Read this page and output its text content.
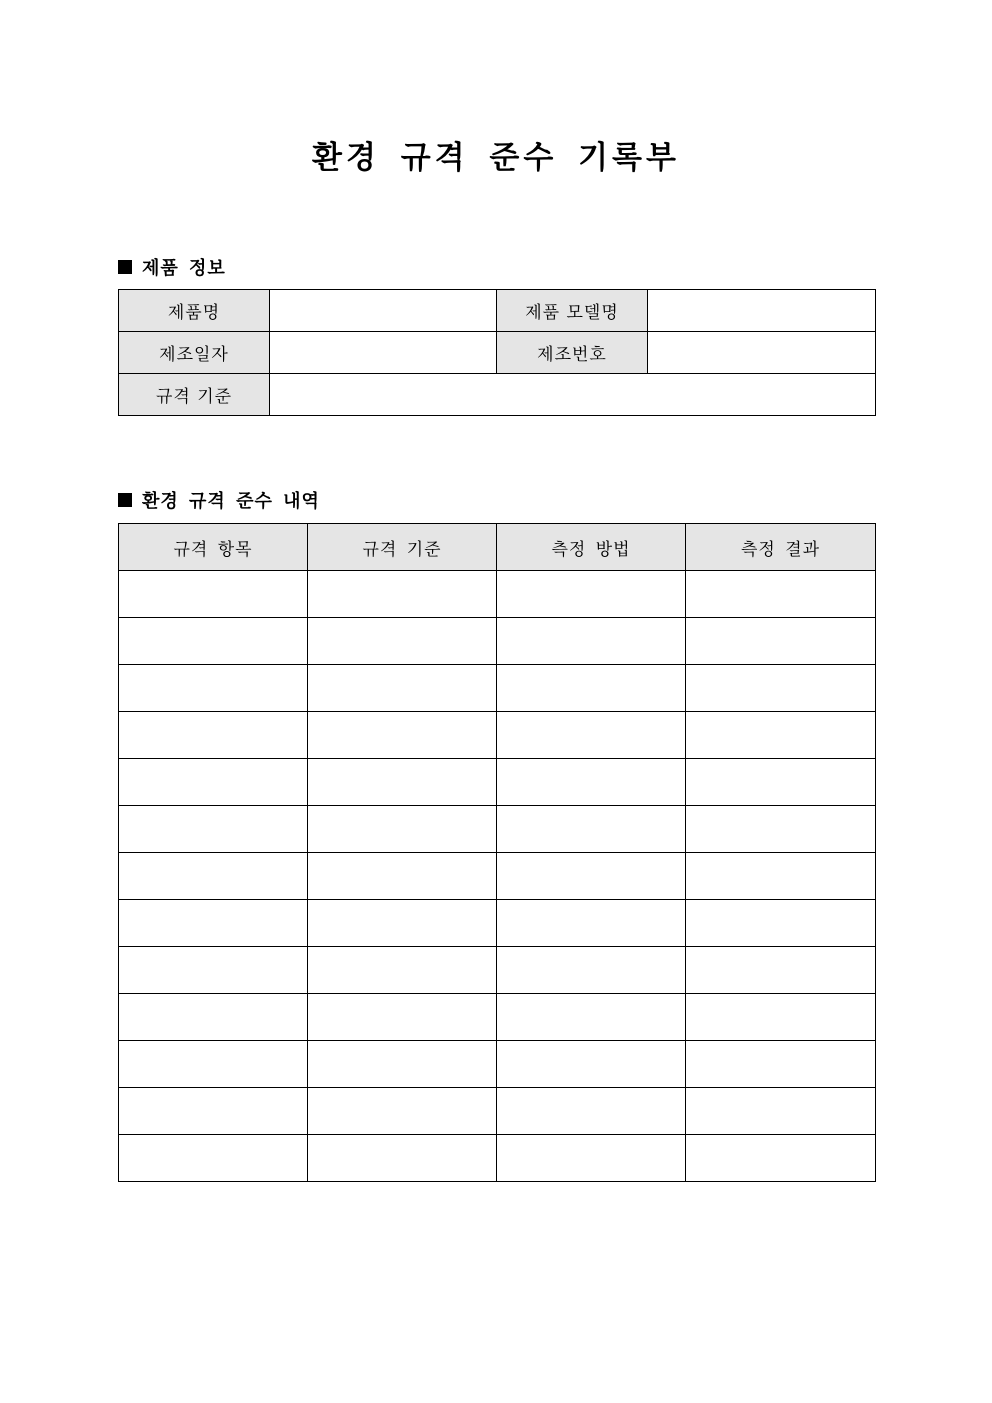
환경 규격 준수 기록부
제품 정보
제품명		제품 모델명	
제조일자		제조번호	
규격 기준			
환경 규격 준수 내역
규격 항목	규격 기준	측정 방법	측정 결과
